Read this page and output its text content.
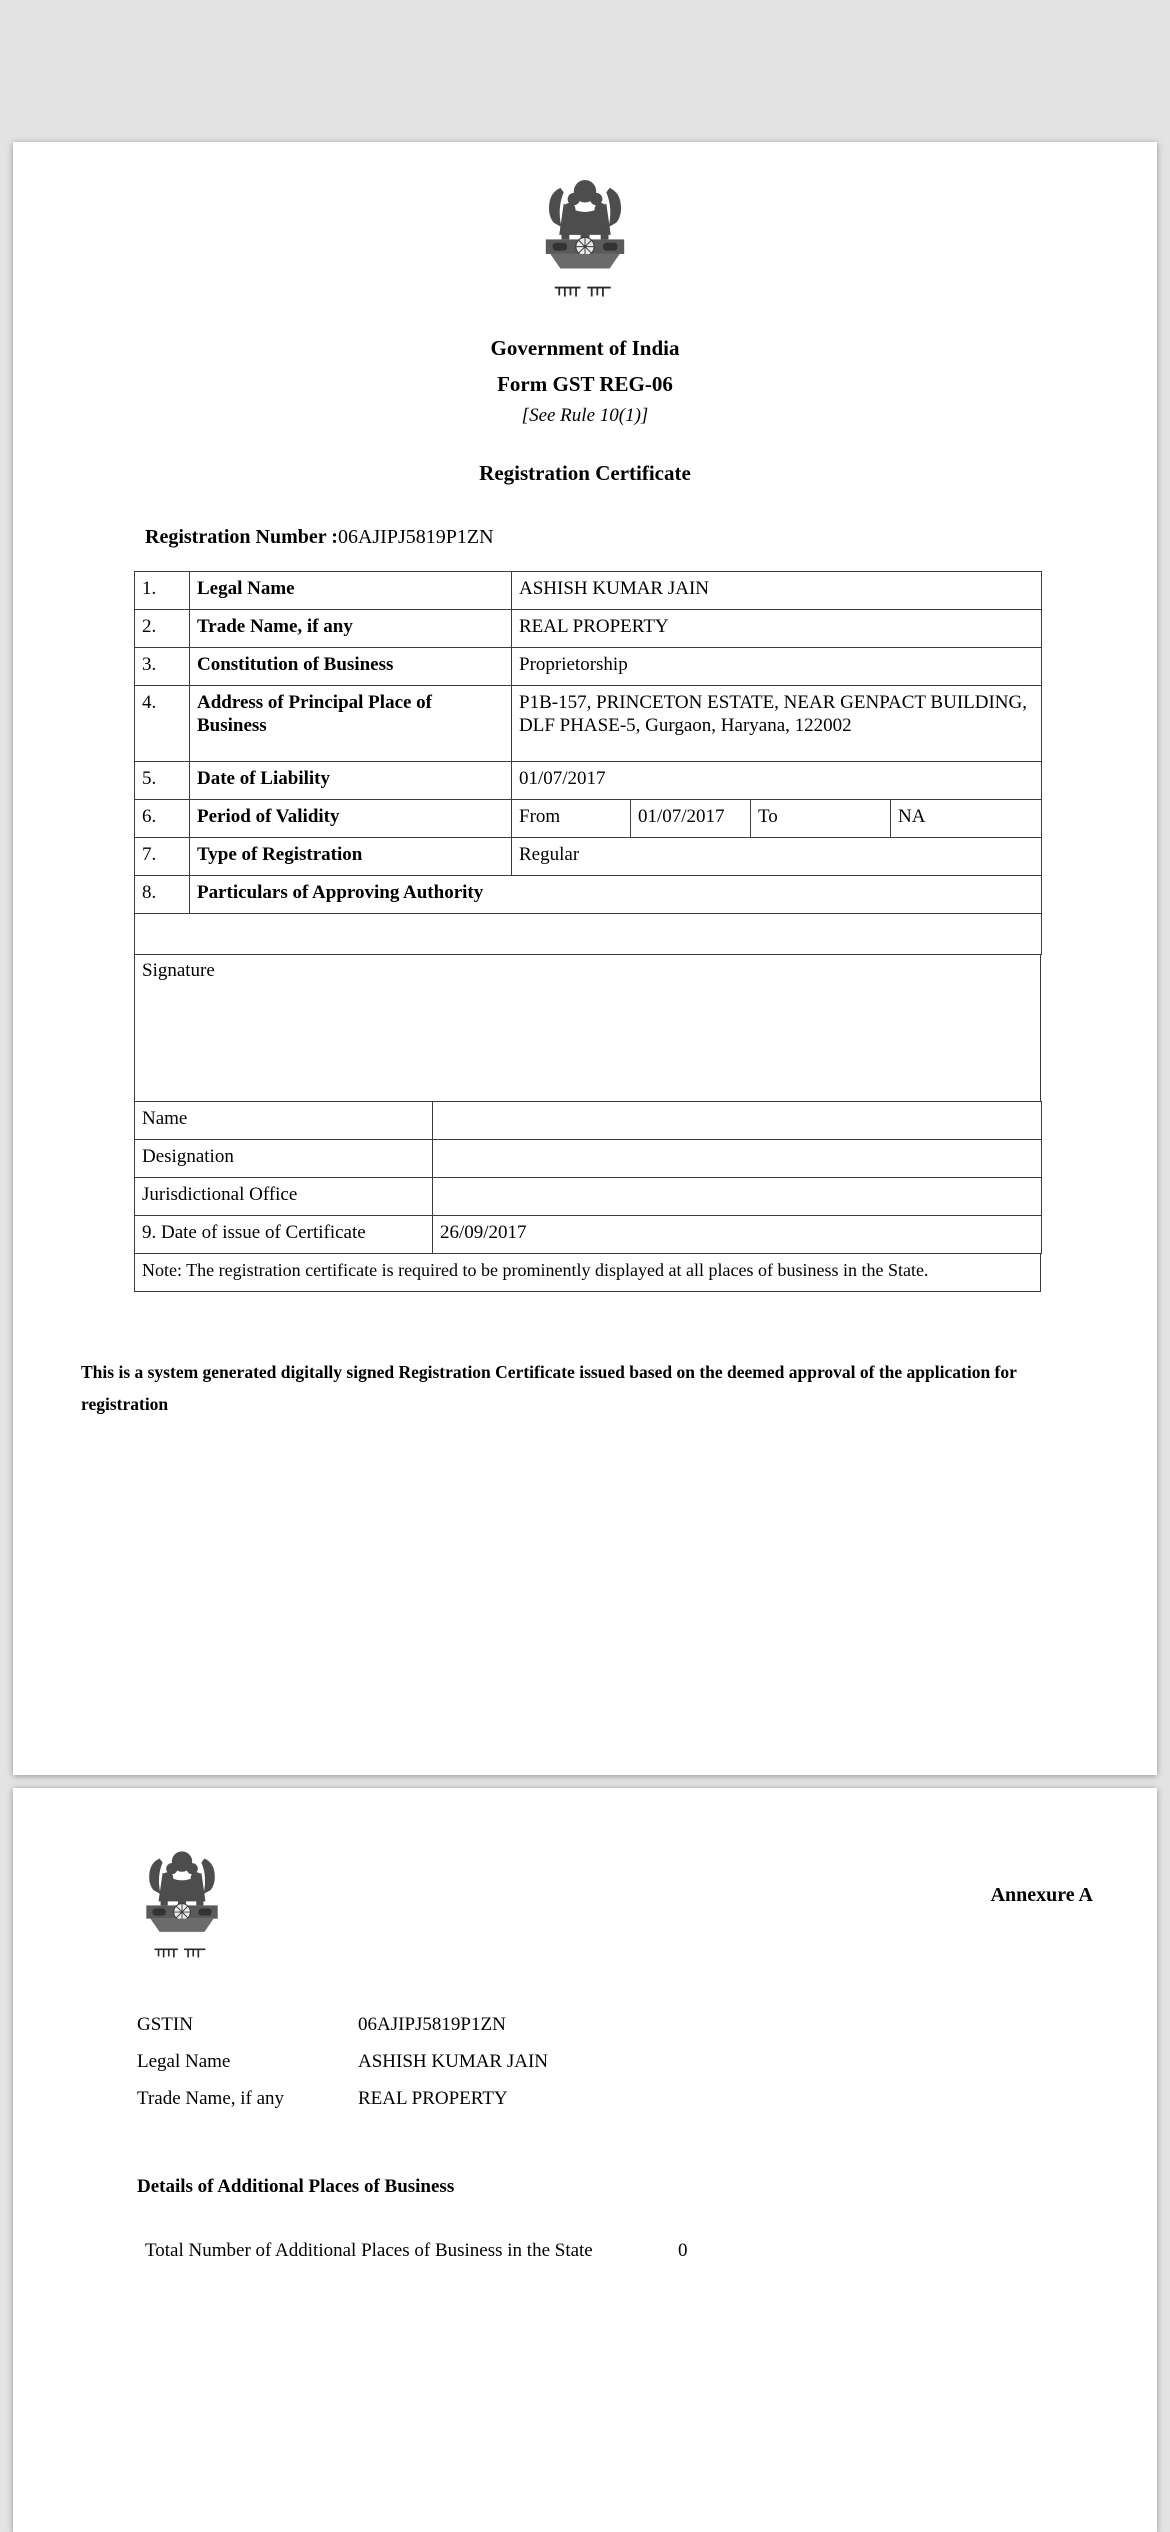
Government of India
Form GST REG-06
[See Rule 10(1)]
Registration Certificate
Registration Number :06AJIPJ5819P1ZN
1.	Legal Name	ASHISH KUMAR JAIN			
2.	Trade Name, if any	REAL PROPERTY			
3.	Constitution of Business	Proprietorship			
4.	Address of Principal Place of Business	P1B-157, PRINCETON ESTATE, NEAR GENPACT BUILDING, DLF PHASE-5, Gurgaon, Haryana, 122002			
5.	Date of Liability	01/07/2017			
6.	Period of Validity	From	01/07/2017	To	NA
7.	Type of Registration	Regular			
8.	Particulars of Approving Authority				

Signature
Name	
Designation	
Jurisdictional Office	
9. Date of issue of Certificate	26/09/2017
Note: The registration certificate is required to be prominently displayed at all places of business in the State.
This is a system generated digitally signed Registration Certificate issued based on the deemed approval of the application for registration
Annexure A
GSTIN	06AJIPJ5819P1ZN
Legal Name	ASHISH KUMAR JAIN
Trade Name, if any	REAL PROPERTY
Details of Additional Places of Business
Total Number of Additional Places of Business in the State	0
